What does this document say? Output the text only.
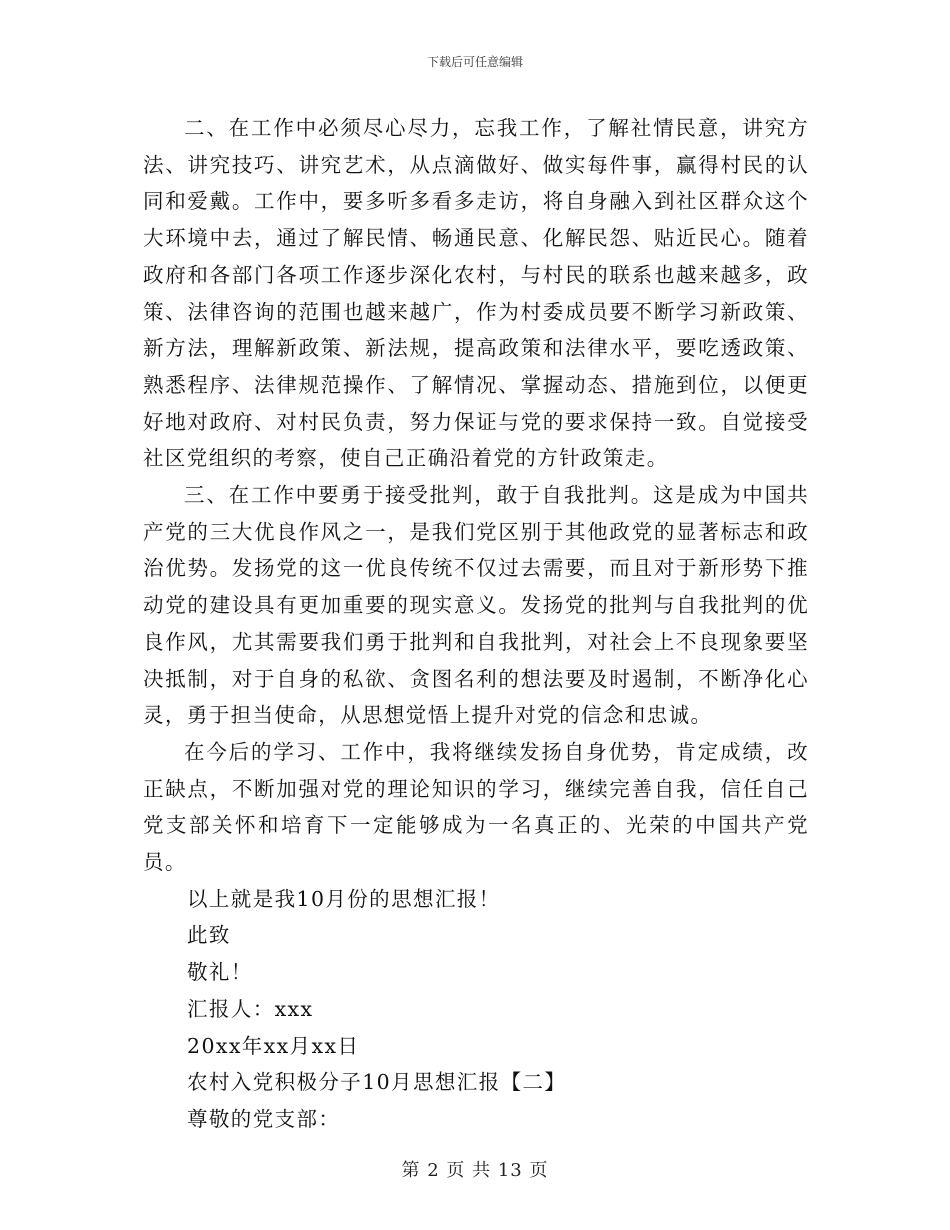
下载后可任意编辑

二、在工作中必须尽心尽力，忘我工作，了解社情民意，讲究方法、讲究技巧、讲究艺术，从点滴做好、做实每件事，赢得村民的认同和爱戴。工作中，要多听多看多走访，将自身融入到社区群众这个大环境中去，通过了解民情、畅通民意、化解民怨、贴近民心。随着政府和各部门各项工作逐步深化农村，与村民的联系也越来越多，政策、法律咨询的范围也越来越广，作为村委成员要不断学习新政策、新方法，理解新政策、新法规，提高政策和法律水平，要吃透政策、熟悉程序、法律规范操作、了解情况、掌握动态、措施到位，以便更好地对政府、对村民负责，努力保证与党的要求保持一致。自觉接受社区党组织的考察，使自己正确沿着党的方针政策走。

三、在工作中要勇于接受批判，敢于自我批判。这是成为中国共产党的三大优良作风之一，是我们党区别于其他政党的显著标志和政治优势。发扬党的这一优良传统不仅过去需要，而且对于新形势下推动党的建设具有更加重要的现实意义。发扬党的批判与自我批判的优良作风，尤其需要我们勇于批判和自我批判，对社会上不良现象要坚决抵制，对于自身的私欲、贪图名利的想法要及时遏制，不断净化心灵，勇于担当使命，从思想觉悟上提升对党的信念和忠诚。

在今后的学习、工作中，我将继续发扬自身优势，肯定成绩，改正缺点，不断加强对党的理论知识的学习，继续完善自我，信任自己党支部关怀和培育下一定能够成为一名真正的、光荣的中国共产党员。

以上就是我10月份的思想汇报！

此致

敬礼！

汇报人：xxx

20xx年xx月xx日

农村入党积极分子10月思想汇报【二】

尊敬的党支部：

第 2 页 共 13 页
